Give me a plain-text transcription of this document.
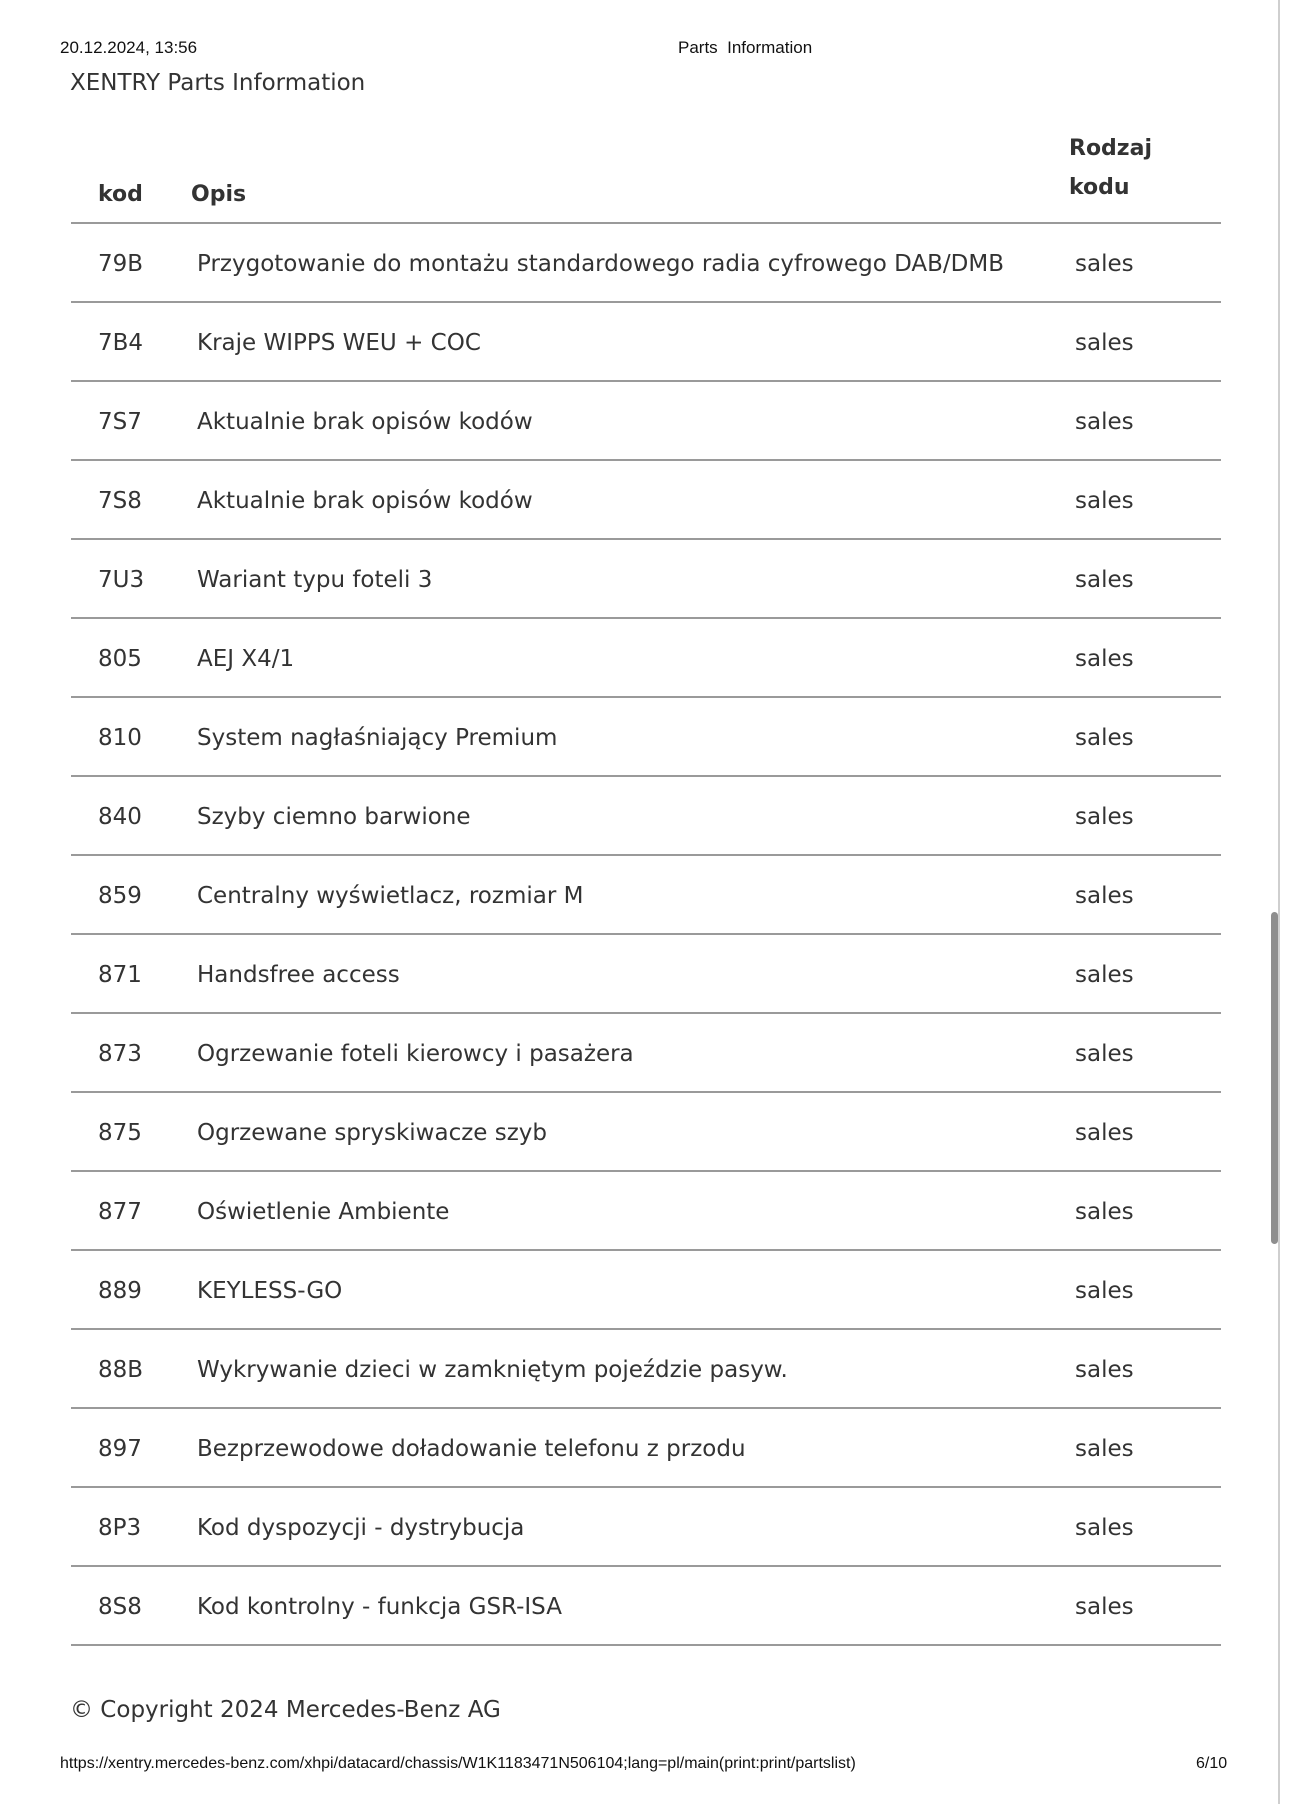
20.12.2024, 13:56	Parts  Information
XENTRY Parts Information
kod Opis
Rodzaj kodu
79B Przygotowanie do montażu standardowego radia cyfrowego DAB/DMB	sales
7B4 Kraje WIPPS WEU + COC	sales
7S7 Aktualnie brak opisów kodów	sales
7S8 Aktualnie brak opisów kodów	sales
7U3 Wariant typu foteli 3	sales
805 AEJ X4/1	sales
810 System nagłaśniający Premium	sales
840 Szyby ciemno barwione	sales
859 Centralny wyświetlacz, rozmiar M	sales
871 Handsfree access	sales
873 Ogrzewanie foteli kierowcy i pasażera	sales
875 Ogrzewane spryskiwacze szyb	sales
877 Oświetlenie Ambiente	sales
889 KEYLESS-GO	sales
88B Wykrywanie dzieci w zamkniętym pojeździe pasyw.	sales
897 Bezprzewodowe doładowanie telefonu z przodu	sales
8P3 Kod dyspozycji - dystrybucja	sales
8S8 Kod kontrolny - funkcja GSR-ISA	sales
© Copyright 2024 Mercedes-Benz AG
https://xentry.mercedes-benz.com/xhpi/datacard/chassis/W1K1183471N506104;lang=pl/main(print:print/partslist)	6/10
